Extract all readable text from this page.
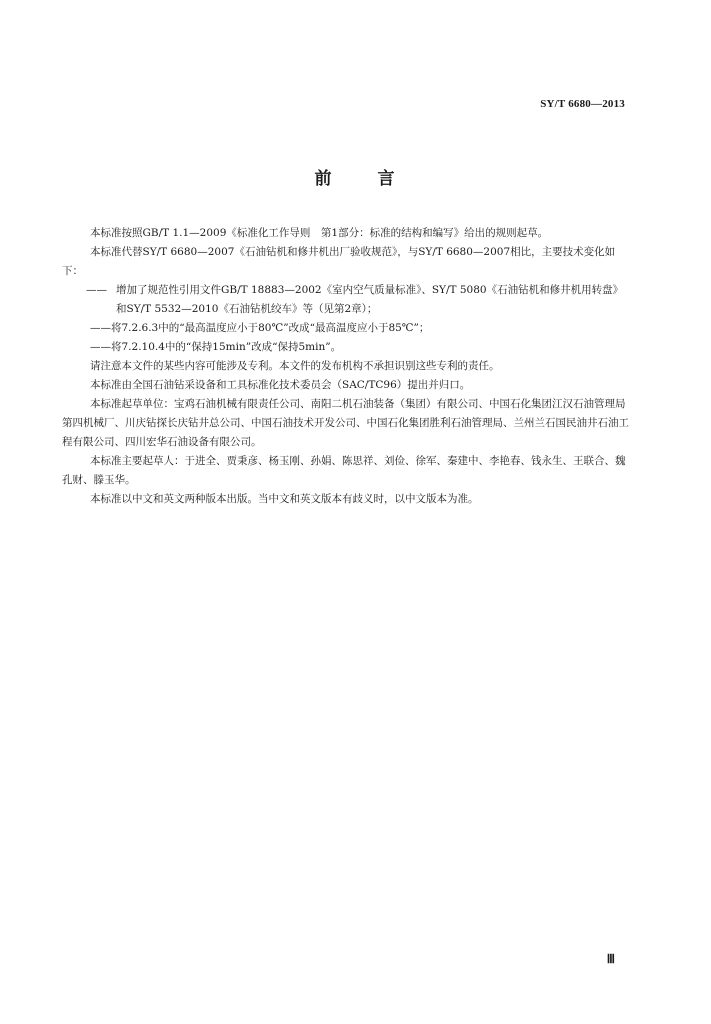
SY/T 6680—2013
前	言

本标准按照GB/T 1.1—2009《标准化工作导则　第1部分：标准的结构和编写》给出的规则起草。

本标准代替SY/T 6680—2007《石油钻机和修井机出厂验收规范》，与SY/T 6680—2007相比，主要技术变化如下：

—— 增加了规范性引用文件GB/T 18883—2002《室内空气质量标准》、SY/T 5080《石油钻机和修井机用转盘》和SY/T 5532—2010《石油钻机绞车》等（见第2章）；

——将7.2.6.3中的“最高温度应小于80℃”改成“最高温度应小于85℃”；

——将7.2.10.4中的“保持15min”改成“保持5min”。

请注意本文件的某些内容可能涉及专利。本文件的发布机构不承担识别这些专利的责任。

本标准由全国石油钻采设备和工具标准化技术委员会（SAC/TC96）提出并归口。

本标准起草单位：宝鸡石油机械有限责任公司、南阳二机石油装备（集团）有限公司、中国石化集团江汉石油管理局第四机械厂、川庆钻探长庆钻井总公司、中国石油技术开发公司、中国石化集团胜利石油管理局、兰州兰石国民油井石油工程有限公司、四川宏华石油设备有限公司。

本标准主要起草人：于进全、贾秉彦、杨玉刚、孙娟、陈思祥、刘俭、徐军、秦建中、李艳春、钱永生、王联合、魏孔财、滕玉华。

本标准以中文和英文两种版本出版。当中文和英文版本有歧义时，以中文版本为准。

Ⅲ
